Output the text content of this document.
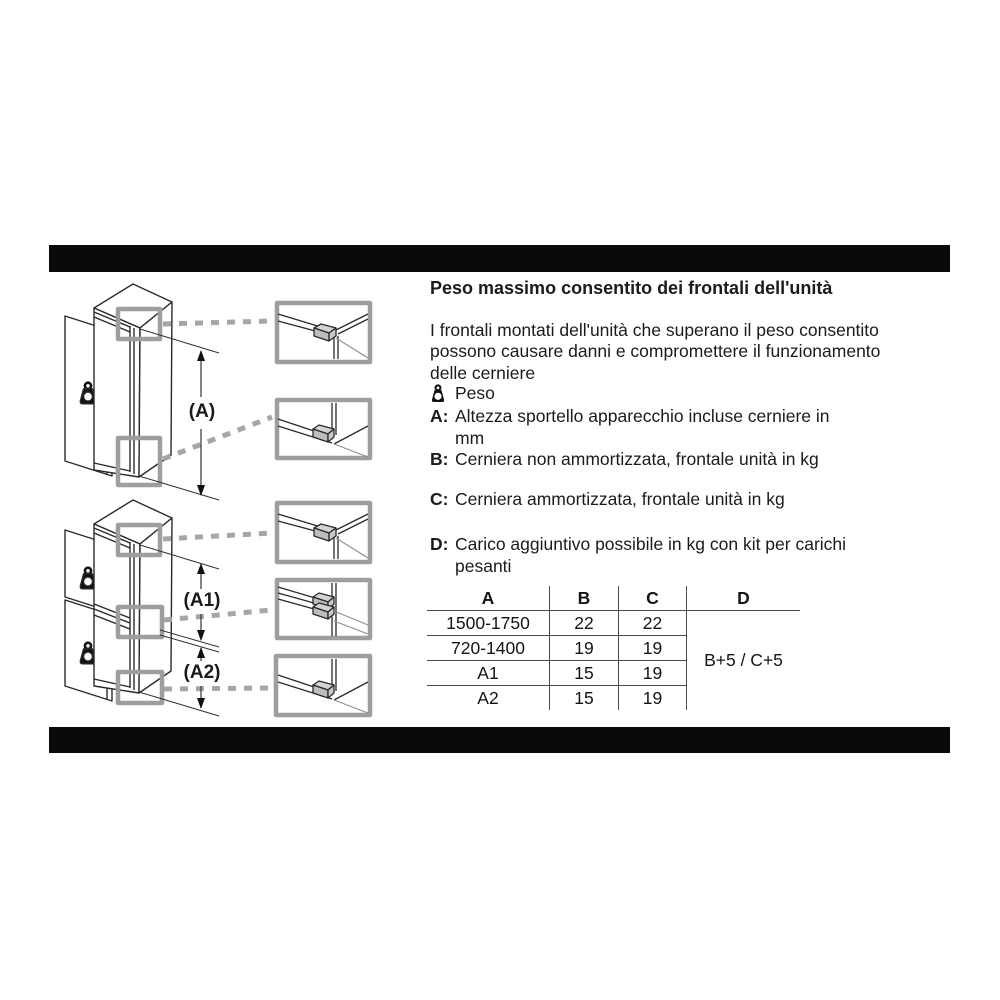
(A)
(A1)
(A2)
Peso massimo consentito dei frontali dell'unità
I frontali montati dell'unità che superano il peso consentito
possono causare danni e compromettere il funzionamento
delle cerniere
Peso
A: Altezza sportello apparecchio incluse cerniere in
mm
B: Cerniera non ammortizzata, frontale unità in kg
C: Cerniera ammortizzata, frontale unità in kg
D: Carico aggiuntivo possibile in kg con kit per carichi
pesanti
A	B	C	D
1500-1750	22	22	B+5 / C+5
720-1400	19	19	
A1	15	19	
A2	15	19	
